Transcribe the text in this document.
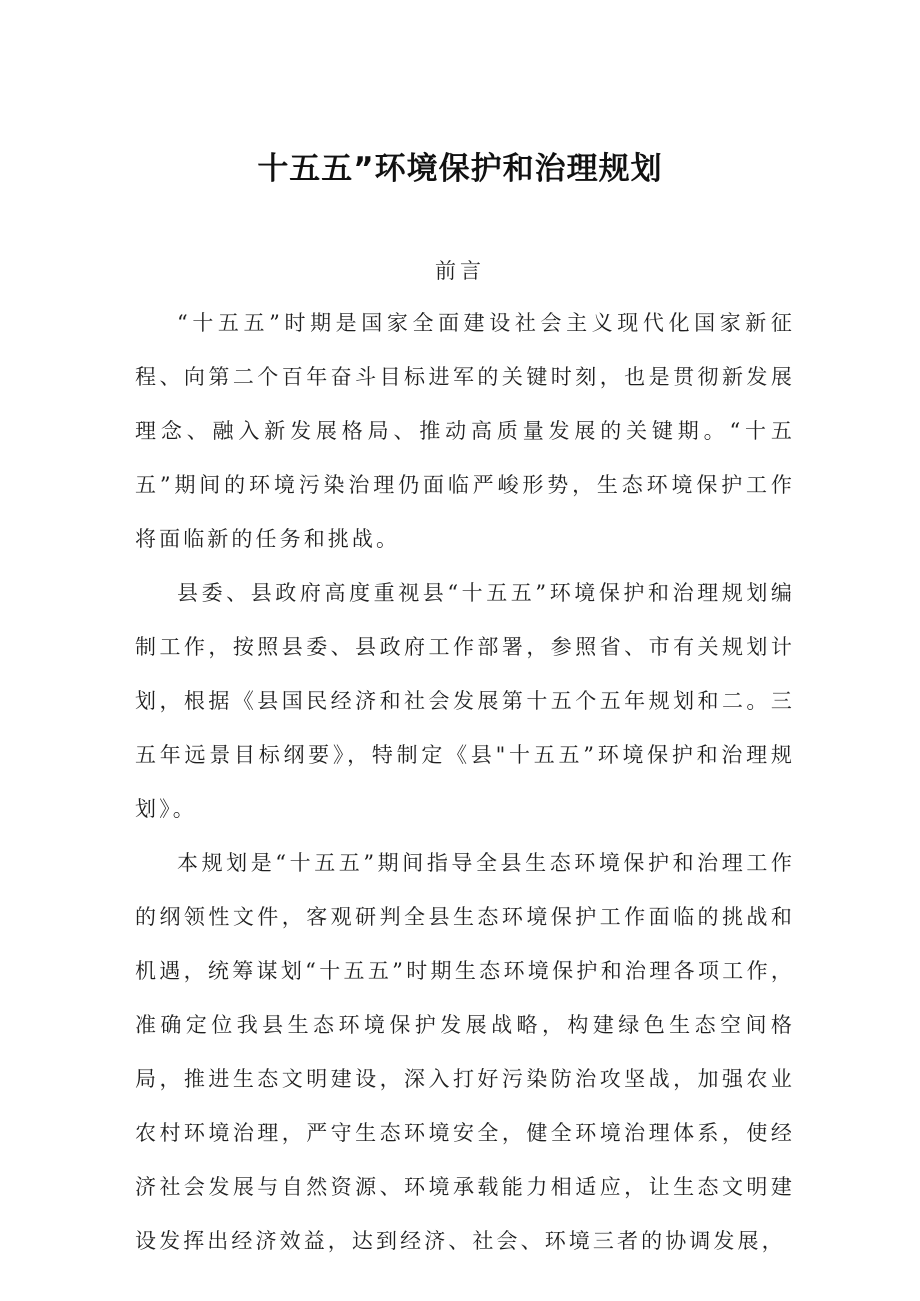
十五五”环境保护和治理规划
前言

“十五五”时期是国家全面建设社会主义现代化国家新征程、向第二个百年奋斗目标进军的关键时刻，也是贯彻新发展理念、融入新发展格局、推动高质量发展的关键期。“十五五”期间的环境污染治理仍面临严峻形势，生态环境保护工作将面临新的任务和挑战。

县委、县政府高度重视县“十五五”环境保护和治理规划编制工作，按照县委、县政府工作部署，参照省、市有关规划计划，根据《县国民经济和社会发展第十五个五年规划和二。三五年远景目标纲要》，特制定《县"十五五”环境保护和治理规划》。

本规划是“十五五”期间指导全县生态环境保护和治理工作的纲领性文件，客观研判全县生态环境保护工作面临的挑战和机遇，统筹谋划“十五五”时期生态环境保护和治理各项工作，准确定位我县生态环境保护发展战略，构建绿色生态空间格局，推进生态文明建设，深入打好污染防治攻坚战，加强农业农村环境治理，严守生态环境安全，健全环境治理体系，使经济社会发展与自然资源、环境承载能力相适应，让生态文明建设发挥出经济效益，达到经济、社会、环境三者的协调发展，
